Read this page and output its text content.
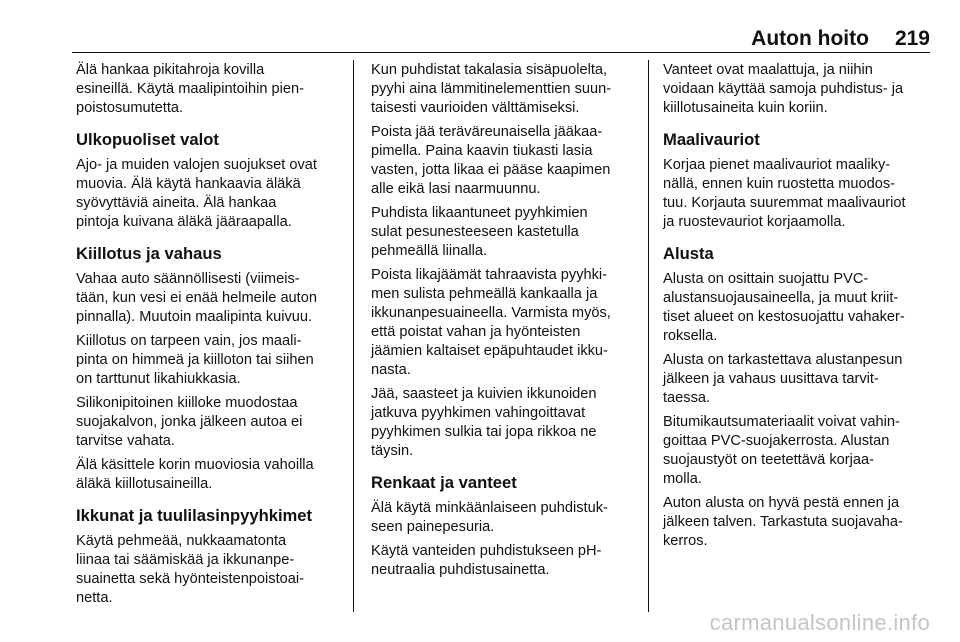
Auton hoito 219

Älä hankaa pikitahroja kovilla
esineillä. Käytä maalipintoihin pien-
poistosumutetta.

Ulkopuoliset valot

Ajo- ja muiden valojen suojukset ovat
muovia. Älä käytä hankaavia äläkä
syövyttäviä aineita. Älä hankaa
pintoja kuivana äläkä jääraapalla.

Kiillotus ja vahaus

Vahaa auto säännöllisesti (viimeis-
tään, kun vesi ei enää helmeile auton
pinnalla). Muutoin maalipinta kuivuu.

Kiillotus on tarpeen vain, jos maali-
pinta on himmeä ja kiilloton tai siihen
on tarttunut likahiukkasia.

Silikonipitoinen kiilloke muodostaa
suojakalvon, jonka jälkeen autoa ei
tarvitse vahata.

Älä käsittele korin muoviosia vahoilla
äläkä kiillotusaineilla.

Ikkunat ja tuulilasinpyyhkimet

Käytä pehmeää, nukkaamatonta
liinaa tai säämiskää ja ikkunanpe-
suainetta sekä hyönteistenpoistoai-
netta.

Kun puhdistat takalasia sisäpuolelta,
pyyhi aina lämmitinelementtien suun-
taisesti vaurioiden välttämiseksi.

Poista jää teräväreunaisella jääkaa-
pimella. Paina kaavin tiukasti lasia
vasten, jotta likaa ei pääse kaapimen
alle eikä lasi naarmuunnu.

Puhdista likaantuneet pyyhkimien
sulat pesunesteeseen kastetulla
pehmeällä liinalla.

Poista likajäämät tahraavista pyyhki-
men sulista pehmeällä kankaalla ja
ikkunanpesuaineella. Varmista myös,
että poistat vahan ja hyönteisten
jäämien kaltaiset epäpuhtaudet ikku-
nasta.

Jää, saasteet ja kuivien ikkunoiden
jatkuva pyyhkimen vahingoittavat
pyyhkimen sulkia tai jopa rikkoa ne
täysin.

Renkaat ja vanteet

Älä käytä minkäänlaiseen puhdistuk-
seen painepesuria.

Käytä vanteiden puhdistukseen pH-
neutraalia puhdistusainetta.

Vanteet ovat maalattuja, ja niihin
voidaan käyttää samoja puhdistus- ja
kiillotusaineita kuin koriin.

Maalivauriot

Korjaa pienet maalivauriot maaliky-
nällä, ennen kuin ruostetta muodos-
tuu. Korjauta suuremmat maalivauriot
ja ruostevauriot korjaamolla.

Alusta

Alusta on osittain suojattu PVC-
alustansuojausaineella, ja muut kriit-
tiset alueet on kestosuojattu vahaker-
roksella.

Alusta on tarkastettava alustanpesun
jälkeen ja vahaus uusittava tarvit-
taessa.

Bitumikautsumateriaalit voivat vahin-
goittaa PVC-suojakerrosta. Alustan
suojaustyöt on teetettävä korjaa-
molla.

Auton alusta on hyvä pestä ennen ja
jälkeen talven. Tarkastuta suojavaha-
kerros.

carmanualsonline.info
